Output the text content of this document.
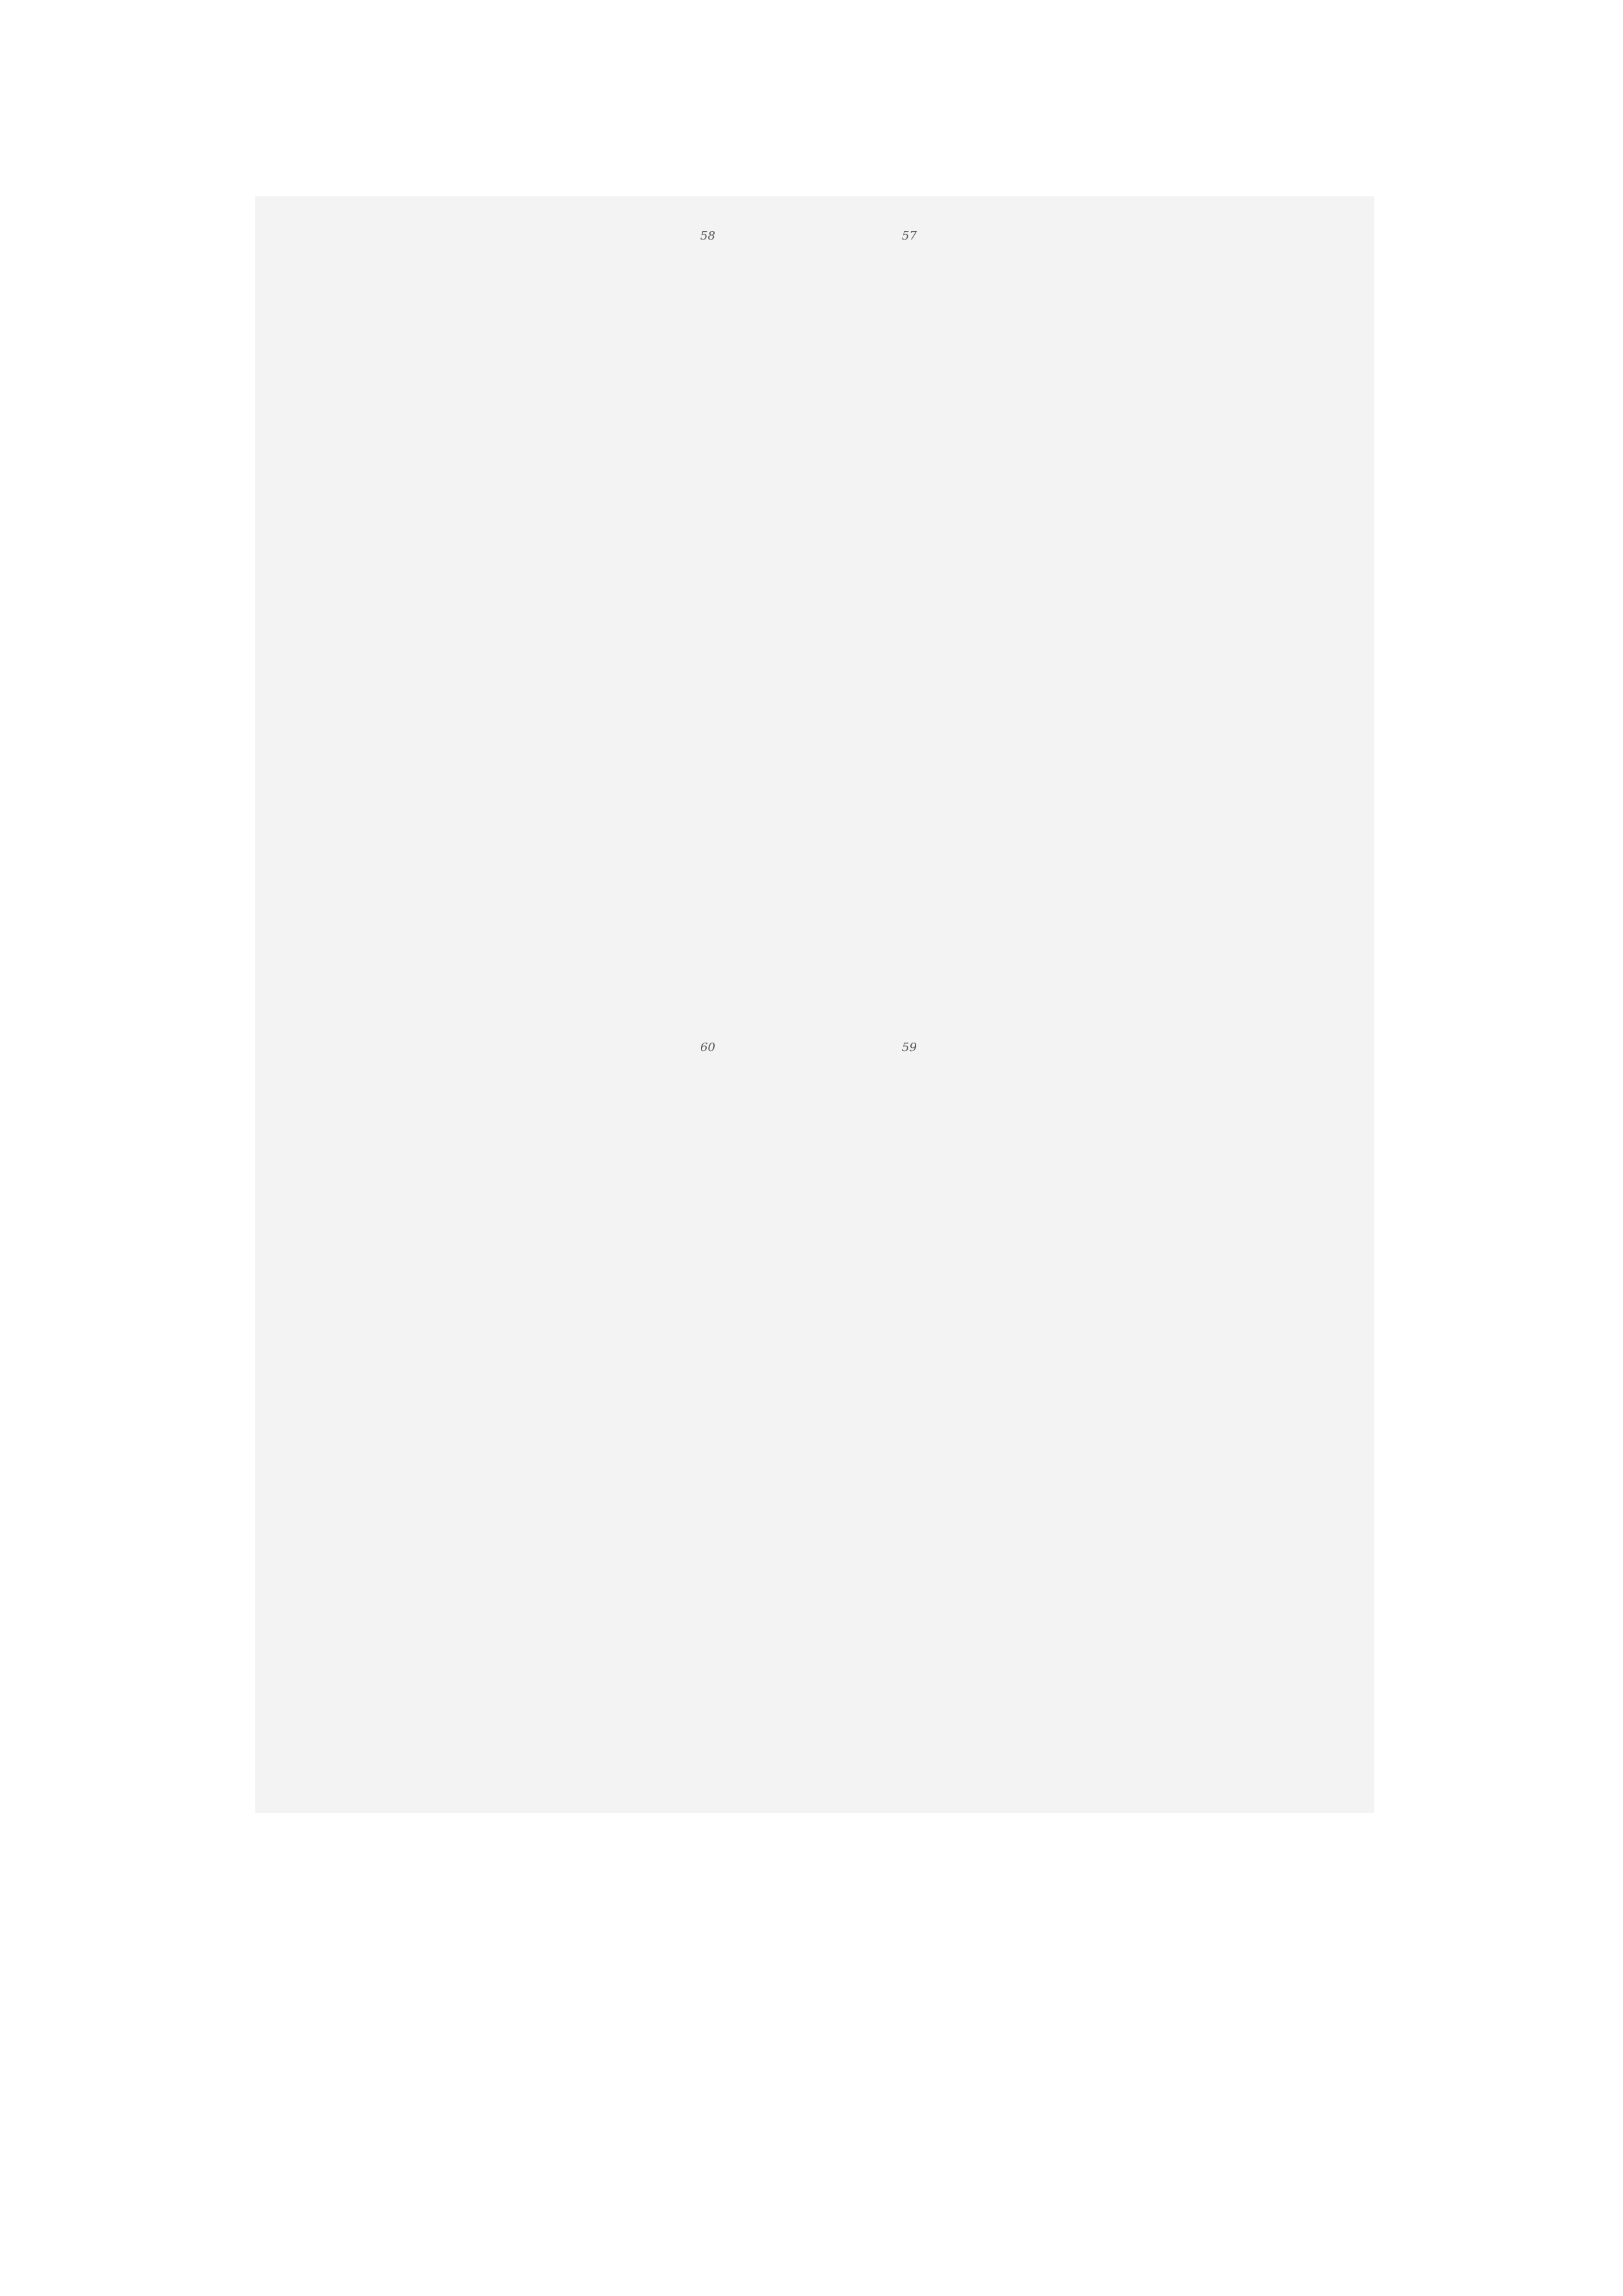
57
58
59
60
